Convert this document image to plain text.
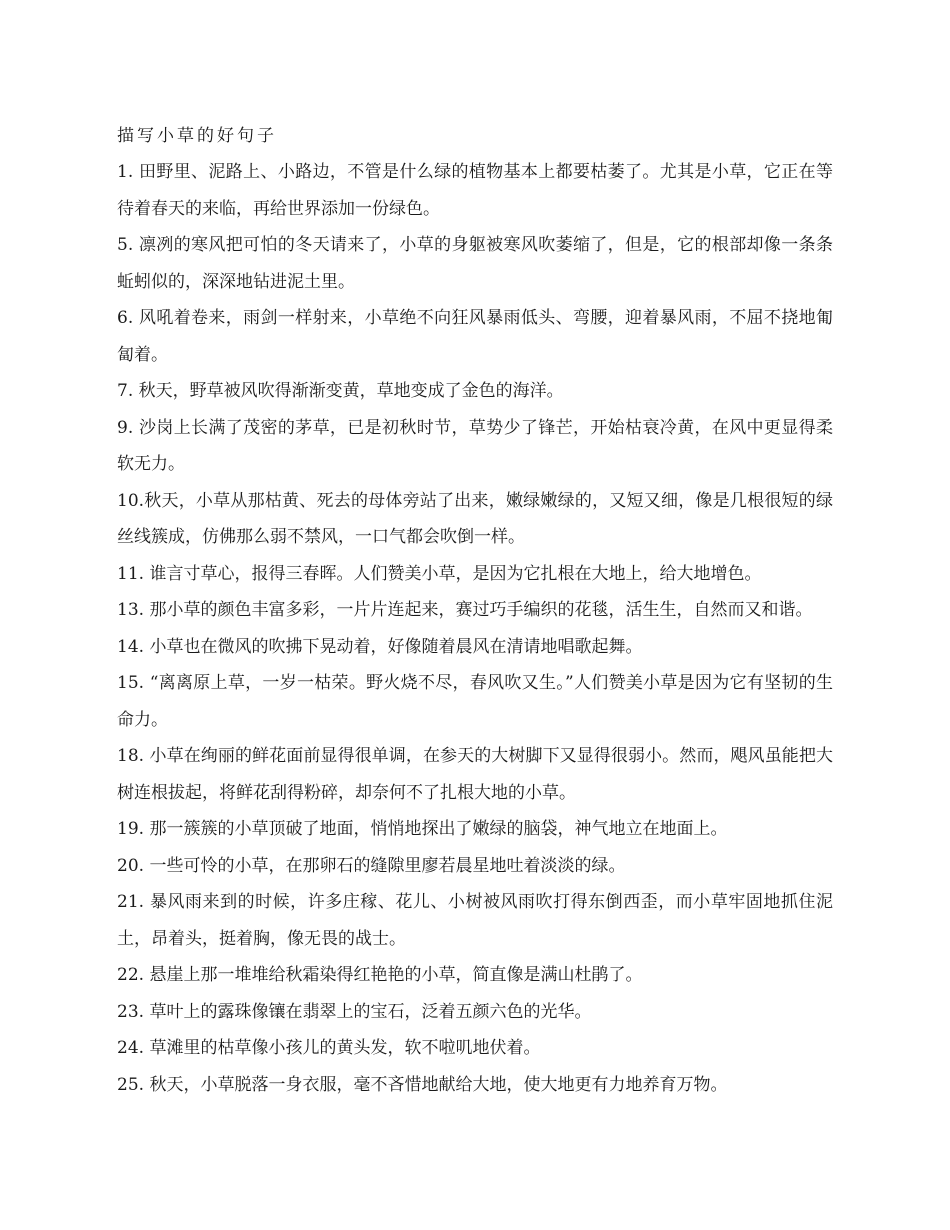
描写小草的好句子

1. 田野里、泥路上、小路边，不管是什么绿的植物基本上都要枯萎了。尤其是小草，它正在等待着春天的来临，再给世界添加一份绿色。

5. 凛冽的寒风把可怕的冬天请来了，小草的身躯被寒风吹萎缩了，但是，它的根部却像一条条蚯蚓似的，深深地钻进泥土里。

6. 风吼着卷来，雨剑一样射来，小草绝不向狂风暴雨低头、弯腰，迎着暴风雨，不屈不挠地匍匐着。

7. 秋天，野草被风吹得渐渐变黄，草地变成了金色的海洋。

9. 沙岗上长满了茂密的茅草，已是初秋时节，草势少了锋芒，开始枯衰冷黄，在风中更显得柔软无力。

10.秋天，小草从那枯黄、死去的母体旁站了出来，嫩绿嫩绿的，又短又细，像是几根很短的绿丝线簇成，仿佛那么弱不禁风，一口气都会吹倒一样。

11. 谁言寸草心，报得三春晖。人们赞美小草，是因为它扎根在大地上，给大地增色。

13. 那小草的颜色丰富多彩，一片片连起来，赛过巧手编织的花毯，活生生，自然而又和谐。

14. 小草也在微风的吹拂下晃动着，好像随着晨风在清请地唱歌起舞。

15. “离离原上草，一岁一枯荣。野火烧不尽，春风吹又生。”人们赞美小草是因为它有坚韧的生命力。

18. 小草在绚丽的鲜花面前显得很单调，在参天的大树脚下又显得很弱小。然而，飓风虽能把大树连根拔起，将鲜花刮得粉碎，却奈何不了扎根大地的小草。

19. 那一簇簇的小草顶破了地面，悄悄地探出了嫩绿的脑袋，神气地立在地面上。

20. 一些可怜的小草，在那卵石的缝隙里廖若晨星地吐着淡淡的绿。

21. 暴风雨来到的时候，许多庄稼、花儿、小树被风雨吹打得东倒西歪，而小草牢固地抓住泥土，昂着头，挺着胸，像无畏的战士。

22. 悬崖上那一堆堆给秋霜染得红艳艳的小草，简直像是满山杜鹃了。

23. 草叶上的露珠像镶在翡翠上的宝石，泛着五颜六色的光华。

24. 草滩里的枯草像小孩儿的黄头发，软不啦叽地伏着。

25. 秋天，小草脱落一身衣服，毫不吝惜地献给大地，使大地更有力地养育万物。
